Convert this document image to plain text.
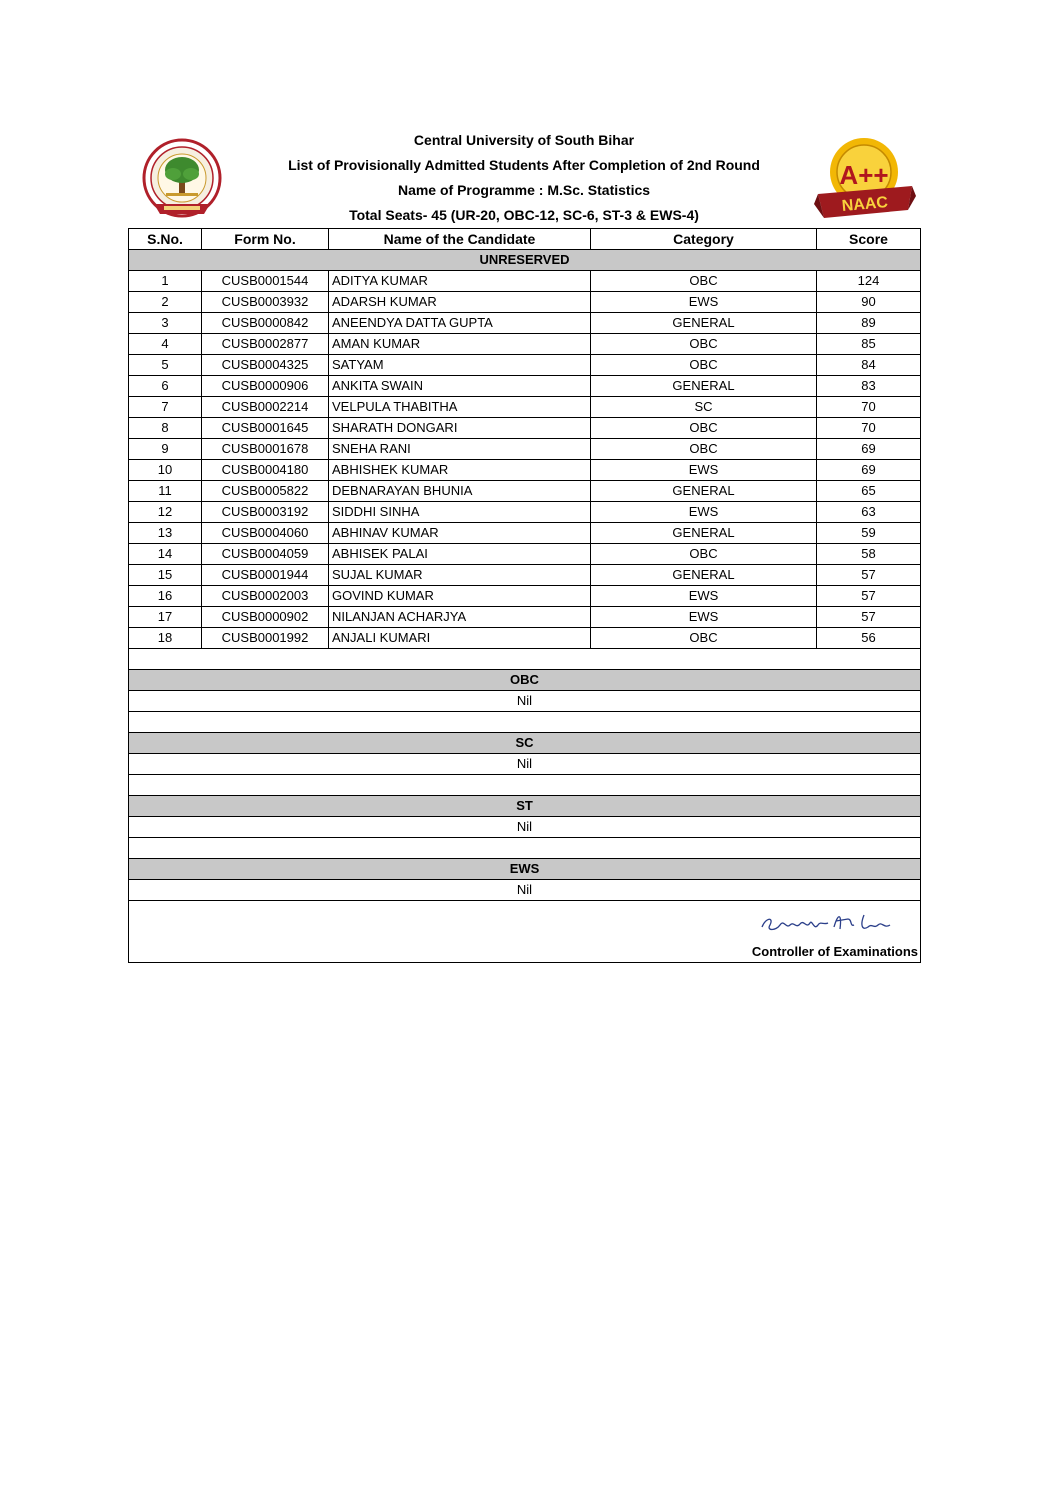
A++
NAAC
Central University of South Bihar
List of Provisionally Admitted Students After Completion of 2nd Round
Name of Programme : M.Sc. Statistics
Total Seats- 45 (UR-20, OBC-12, SC-6, ST-3 & EWS-4)
S.No.	Form No.	Name of the Candidate	Category	Score
UNRESERVED				
1	CUSB0001544	ADITYA KUMAR	OBC	124
2	CUSB0003932	ADARSH KUMAR	EWS	90
3	CUSB0000842	ANEENDYA DATTA GUPTA	GENERAL	89
4	CUSB0002877	AMAN KUMAR	OBC	85
5	CUSB0004325	SATYAM	OBC	84
6	CUSB0000906	ANKITA SWAIN	GENERAL	83
7	CUSB0002214	VELPULA THABITHA	SC	70
8	CUSB0001645	SHARATH DONGARI	OBC	70
9	CUSB0001678	SNEHA RANI	OBC	69
10	CUSB0004180	ABHISHEK KUMAR	EWS	69
11	CUSB0005822	DEBNARAYAN BHUNIA	GENERAL	65
12	CUSB0003192	SIDDHI SINHA	EWS	63
13	CUSB0004060	ABHINAV KUMAR	GENERAL	59
14	CUSB0004059	ABHISEK PALAI	OBC	58
15	CUSB0001944	SUJAL KUMAR	GENERAL	57
16	CUSB0002003	GOVIND KUMAR	EWS	57
17	CUSB0000902	NILANJAN ACHARJYA	EWS	57
18	CUSB0001992	ANJALI KUMARI	OBC	56

OBC				
Nil				

SC				
Nil				

ST				
Nil				

EWS				
Nil				

Controller of Examinations				
